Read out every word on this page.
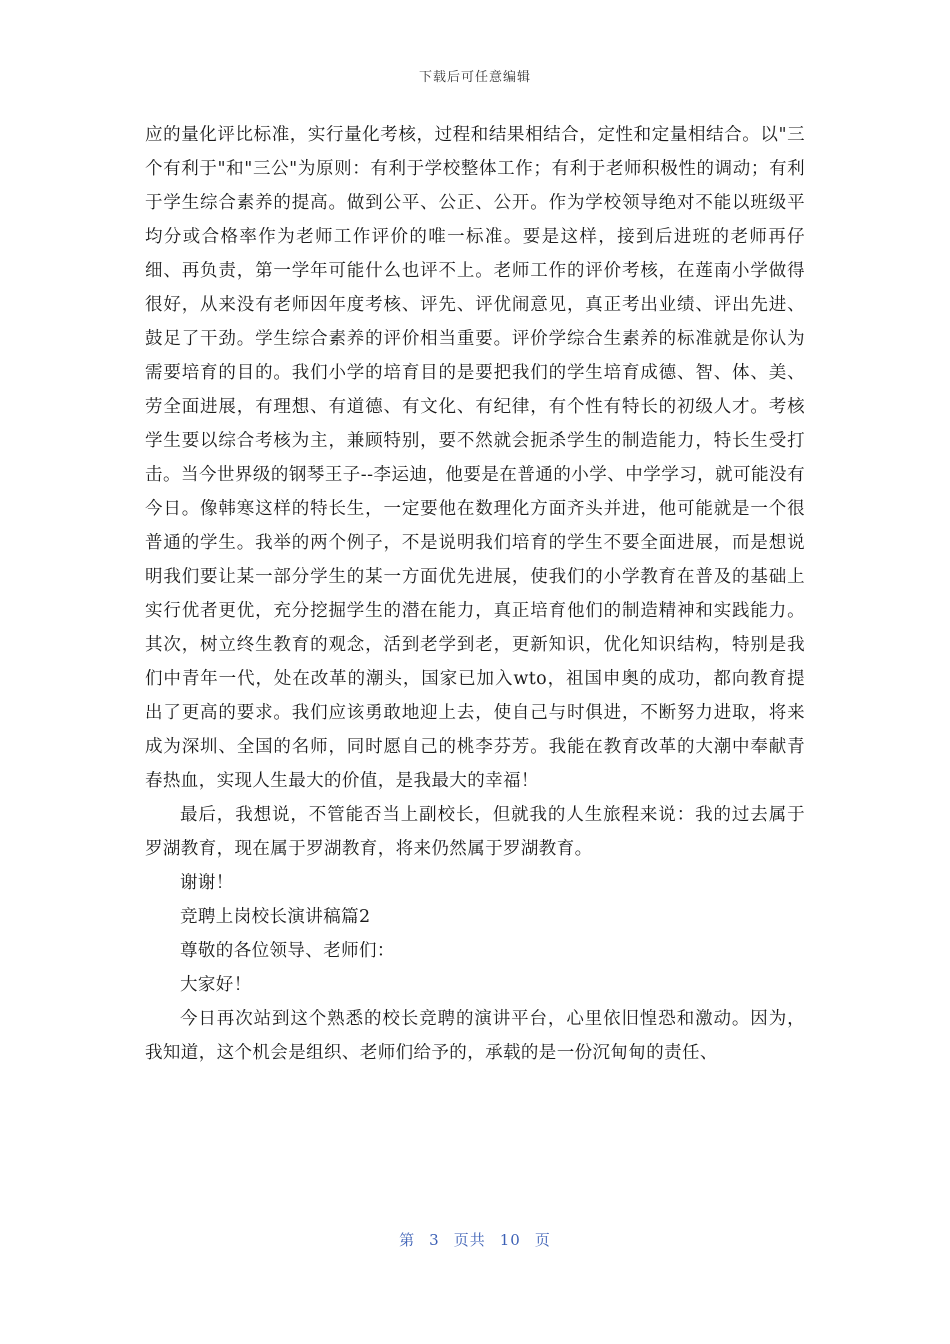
下载后可任意编辑

应的量化评比标准，实行量化考核，过程和结果相结合，定性和定量相结合。以"三个有利于"和"三公"为原则：有利于学校整体工作；有利于老师积极性的调动；有利于学生综合素养的提高。做到公平、公正、公开。作为学校领导绝对不能以班级平均分或合格率作为老师工作评价的唯一标准。要是这样，接到后进班的老师再仔细、再负责，第一学年可能什么也评不上。老师工作的评价考核，在莲南小学做得很好，从来没有老师因年度考核、评先、评优闹意见，真正考出业绩、评出先进、鼓足了干劲。学生综合素养的评价相当重要。评价学综合生素养的标准就是你认为需要培育的目的。我们小学的培育目的是要把我们的学生培育成德、智、体、美、劳全面进展，有理想、有道德、有文化、有纪律，有个性有特长的初级人才。考核学生要以综合考核为主，兼顾特别，要不然就会扼杀学生的制造能力，特长生受打击。当今世界级的钢琴王子--李运迪，他要是在普通的小学、中学学习，就可能没有今日。像韩寒这样的特长生，一定要他在数理化方面齐头并进，他可能就是一个很普通的学生。我举的两个例子，不是说明我们培育的学生不要全面进展，而是想说明我们要让某一部分学生的某一方面优先进展，使我们的小学教育在普及的基础上实行优者更优，充分挖掘学生的潜在能力，真正培育他们的制造精神和实践能力。其次，树立终生教育的观念，活到老学到老，更新知识，优化知识结构，特别是我们中青年一代，处在改革的潮头，国家已加入wto，祖国申奥的成功，都向教育提出了更高的要求。我们应该勇敢地迎上去，使自己与时俱进，不断努力进取，将来成为深圳、全国的名师，同时愿自己的桃李芬芳。我能在教育改革的大潮中奉献青春热血，实现人生最大的价值，是我最大的幸福！

最后，我想说，不管能否当上副校长，但就我的人生旅程来说：我的过去属于罗湖教育，现在属于罗湖教育，将来仍然属于罗湖教育。

谢谢！

竞聘上岗校长演讲稿篇2

尊敬的各位领导、老师们：

大家好！

今日再次站到这个熟悉的校长竞聘的演讲平台，心里依旧惶恐和激动。因为，我知道，这个机会是组织、老师们给予的，承载的是一份沉甸甸的责任、

第 3 页共 10 页
